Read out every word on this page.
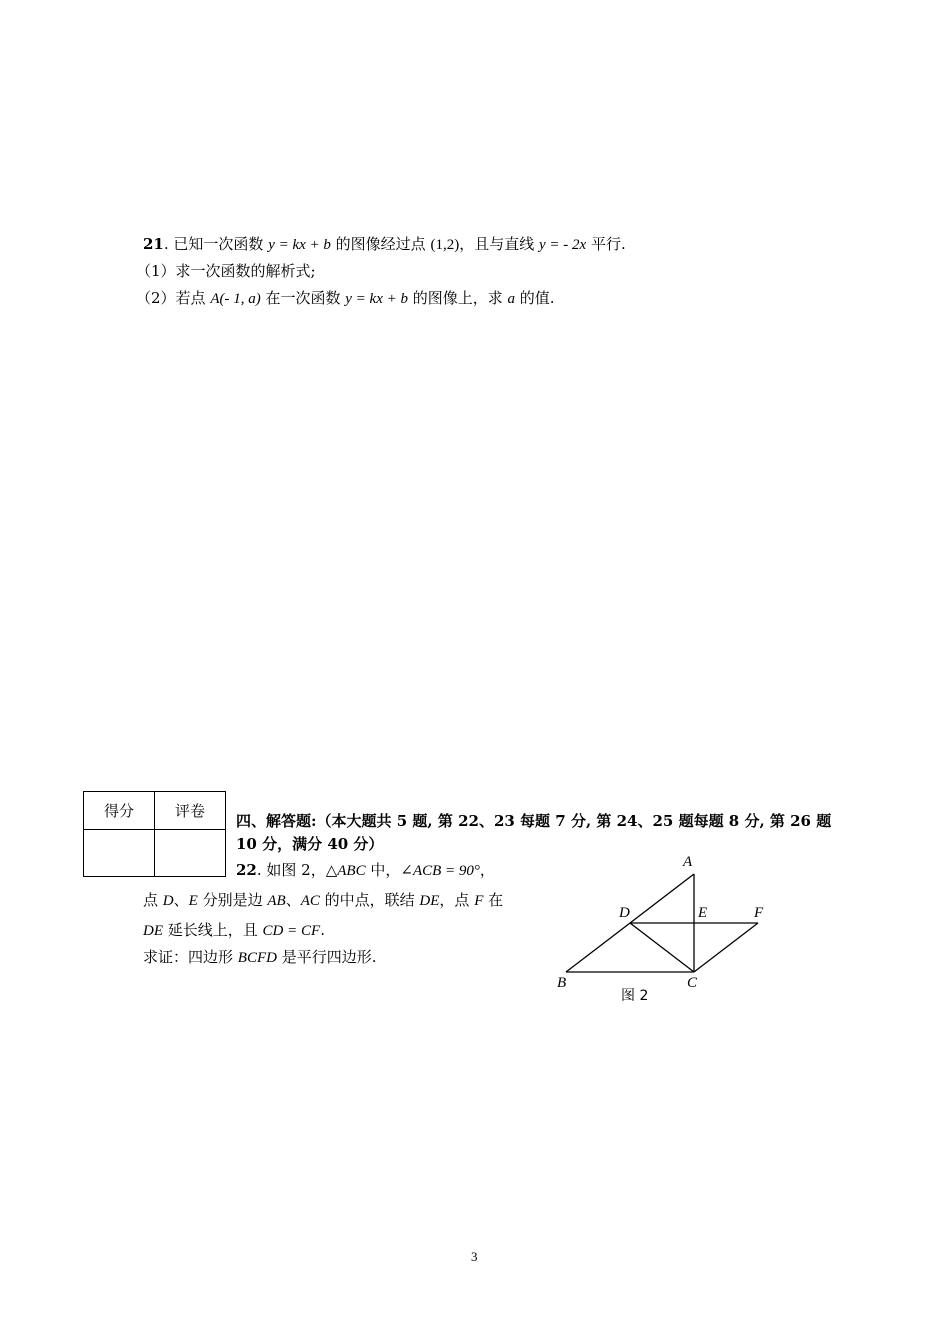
21. 已知一次函数 y = kx + b 的图像经过点 (1,2)，且与直线 y = - 2x 平行.
（1）求一次函数的解析式;
（2）若点 A(- 1, a) 在一次函数 y = kx + b 的图像上，求 a 的值.
得分	评卷

四、解答题:（本大题共 5 题, 第 22、23 每题 7 分, 第 24、25 题每题 8 分, 第 26 题
10 分，满分 40 分）
22. 如图 2，△ABC 中，∠ACB = 90°，
点 D、E 分别是边 AB、AC 的中点，联结 DE，点 F 在
DE 延长线上，且 CD = CF.
求证：四边形 BCFD 是平行四边形.
A
B	C
D	E	F
图 2
3
